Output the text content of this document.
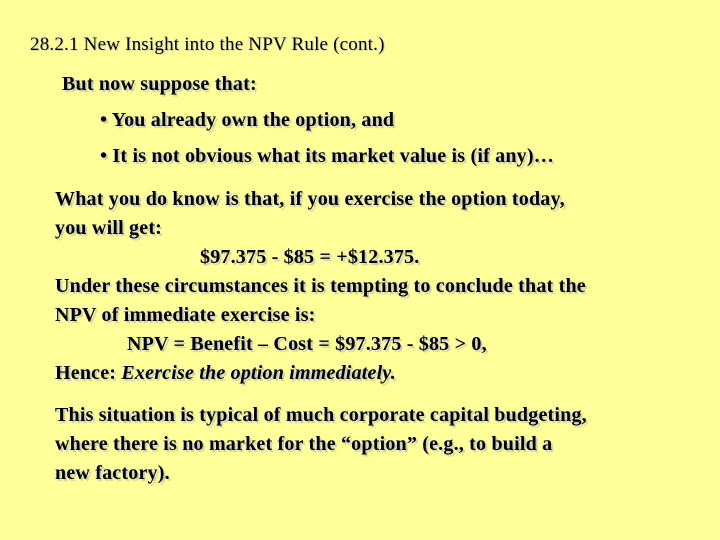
28.2.1 New Insight into the NPV Rule (cont.)
But now suppose that:
• You already own the option, and
• It is not obvious what its market value is (if any)…
What you do know is that, if you exercise the option today,
you will get:
$97.375 - $85 = +$12.375.
Under these circumstances it is tempting to conclude that the
NPV of immediate exercise is:
NPV = Benefit – Cost = $97.375 - $85 > 0,
Hence: Exercise the option immediately.
This situation is typical of much corporate capital budgeting,
where there is no market for the “option” (e.g., to build a
new factory).
